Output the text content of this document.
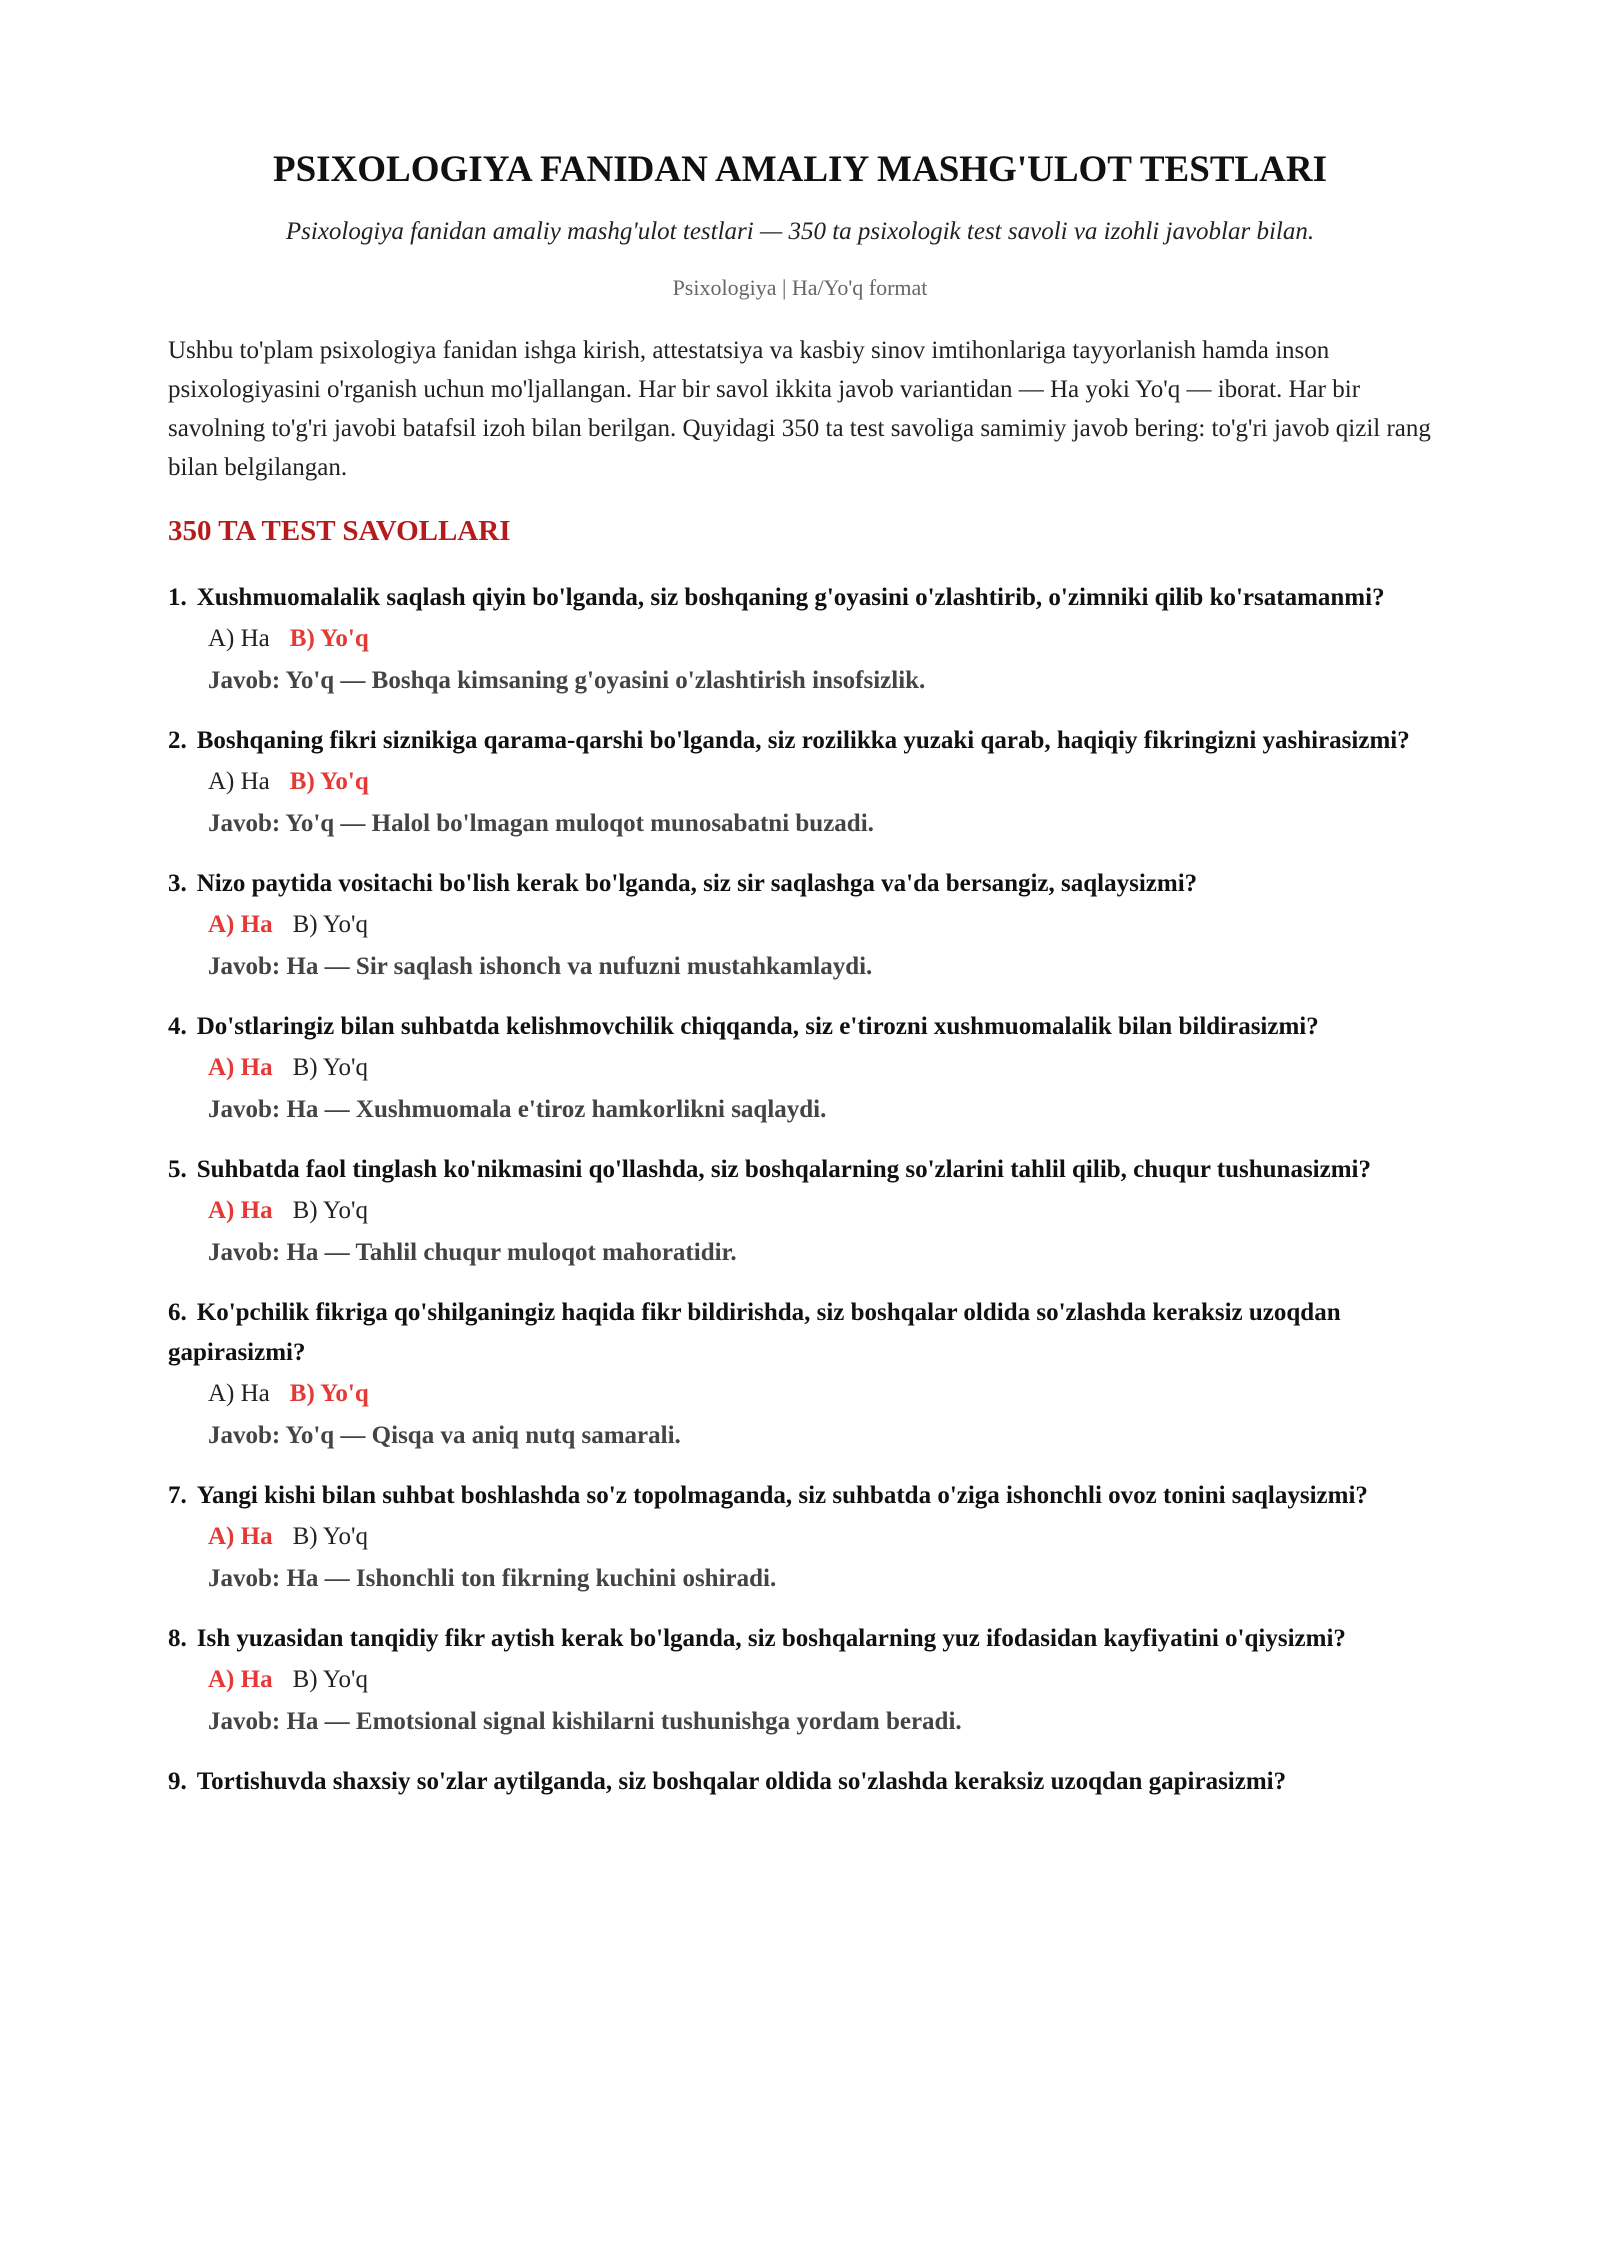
PSIXOLOGIYA FANIDAN AMALIY MASHG'ULOT TESTLARI

Psixologiya fanidan amaliy mashg'ulot testlari — 350 ta psixologik test savoli va izohli javoblar bilan.

Psixologiya | Ha/Yo'q format

Ushbu to'plam psixologiya fanidan ishga kirish, attestatsiya va kasbiy sinov imtihonlariga tayyorlanish hamda inson psixologiyasini o'rganish uchun mo'ljallangan. Har bir savol ikkita javob variantidan — Ha yoki Yo'q — iborat. Har bir savolning to'g'ri javobi batafsil izoh bilan berilgan. Quyidagi 350 ta test savoliga samimiy javob bering: to'g'ri javob qizil rang bilan belgilangan.

350 TA TEST SAVOLLARI

1. Xushmuomalalik saqlash qiyin bo'lganda, siz boshqaning g'oyasini o'zlashtirib, o'zimniki qilib ko'rsatamanmi?

A) Ha B) Yo'q

Javob: Yo'q — Boshqa kimsaning g'oyasini o'zlashtirish insofsizlik.

2. Boshqaning fikri siznikiga qarama-qarshi bo'lganda, siz rozilikka yuzaki qarab, haqiqiy fikringizni yashirasizmi?

A) Ha B) Yo'q

Javob: Yo'q — Halol bo'lmagan muloqot munosabatni buzadi.

3. Nizo paytida vositachi bo'lish kerak bo'lganda, siz sir saqlashga va'da bersangiz, saqlaysizmi?

A) Ha B) Yo'q

Javob: Ha — Sir saqlash ishonch va nufuzni mustahkamlaydi.

4. Do'stlaringiz bilan suhbatda kelishmovchilik chiqqanda, siz e'tirozni xushmuomalalik bilan bildirasizmi?

A) Ha B) Yo'q

Javob: Ha — Xushmuomala e'tiroz hamkorlikni saqlaydi.

5. Suhbatda faol tinglash ko'nikmasini qo'llashda, siz boshqalarning so'zlarini tahlil qilib, chuqur tushunasizmi?

A) Ha B) Yo'q

Javob: Ha — Tahlil chuqur muloqot mahoratidir.

6. Ko'pchilik fikriga qo'shilganingiz haqida fikr bildirishda, siz boshqalar oldida so'zlashda keraksiz uzoqdan gapirasizmi?

A) Ha B) Yo'q

Javob: Yo'q — Qisqa va aniq nutq samarali.

7. Yangi kishi bilan suhbat boshlashda so'z topolmaganda, siz suhbatda o'ziga ishonchli ovoz tonini saqlaysizmi?

A) Ha B) Yo'q

Javob: Ha — Ishonchli ton fikrning kuchini oshiradi.

8. Ish yuzasidan tanqidiy fikr aytish kerak bo'lganda, siz boshqalarning yuz ifodasidan kayfiyatini o'qiysizmi?

A) Ha B) Yo'q

Javob: Ha — Emotsional signal kishilarni tushunishga yordam beradi.

9. Tortishuvda shaxsiy so'zlar aytilganda, siz boshqalar oldida so'zlashda keraksiz uzoqdan gapirasizmi?
